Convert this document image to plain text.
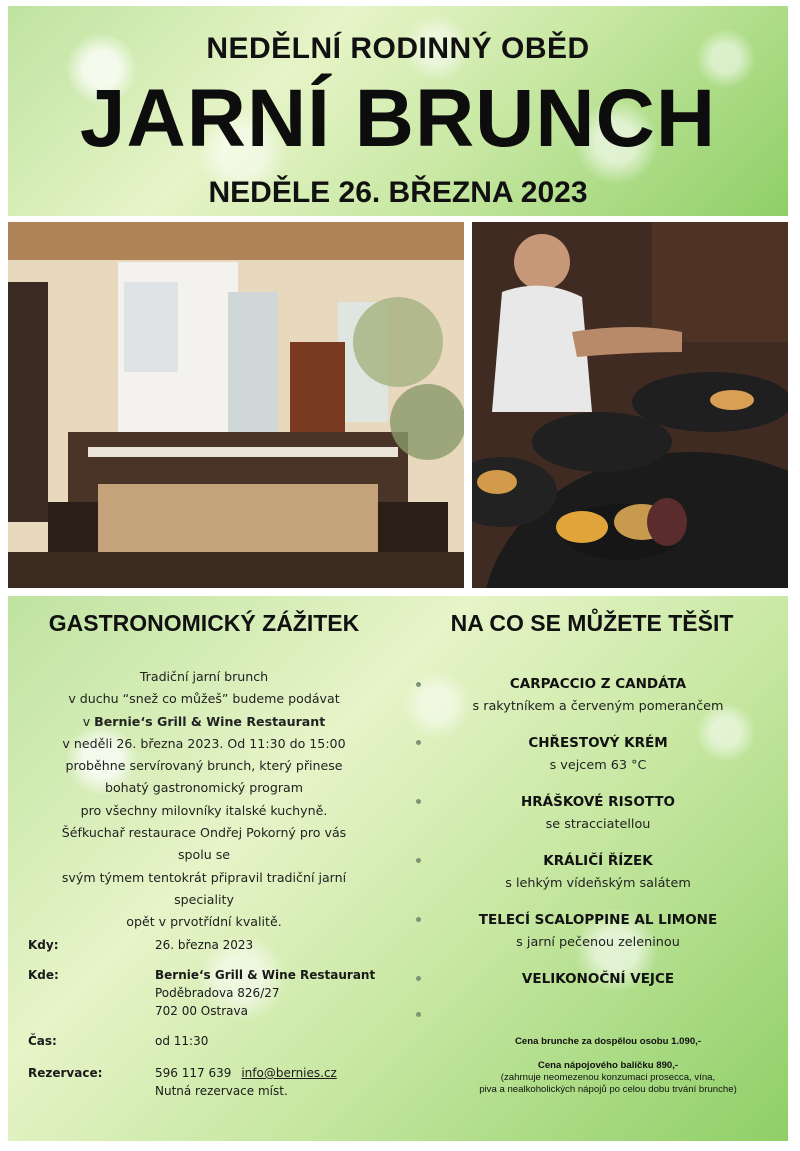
NEDĚLNÍ RODINNÝ OBĚD
JARNÍ BRUNCH
NEDĚLE 26. BŘEZNA 2023
GASTRONOMICKÝ ZÁŽITEK	NA CO SE MŮŽETE TĚŠIT
Tradiční jarní brunch
v duchu “snež co můžeš” budeme podávat
v Bernie‘s Grill & Wine Restaurant
v neděli 26. března 2023. Od 11:30 do 15:00
proběhne servírovaný brunch, který přinese
bohatý gastronomický program
pro všechny milovníky italské kuchyně.
Šéfkuchař restaurace Ondřej Pokorný pro vás spolu se
svým týmem tentokrát připravil tradiční jarní speciality
opět v prvotřídní kvalitě.
Kdy:	26. března 2023
Kde:	Bernie‘s Grill & Wine Restaurant
Poděbradova 826/27
702 00 Ostrava
Čas:	od 11:30
Rezervace:	596 117 639 info@bernies.cz
Nutná rezervace míst.
CARPACCIO Z CANDÁTA
s rakytníkem a červeným pomerančem
CHŘESTOVÝ KRÉM
s vejcem 63 °C
HRÁŠKOVÉ RISOTTO
se stracciatellou
KRÁLIČÍ ŘÍZEK
s lehkým vídeňským salátem
TELECÍ SCALOPPINE AL LIMONE
s jarní pečenou zeleninou
VELIKONOČNÍ VEJCE
Cena brunche za dospělou osobu 1.090,-
Cena nápojového balíčku 890,-
(zahrnuje neomezenou konzumaci prosecca, vína,
piva a nealkoholických nápojů po celou dobu trvání brunche)
